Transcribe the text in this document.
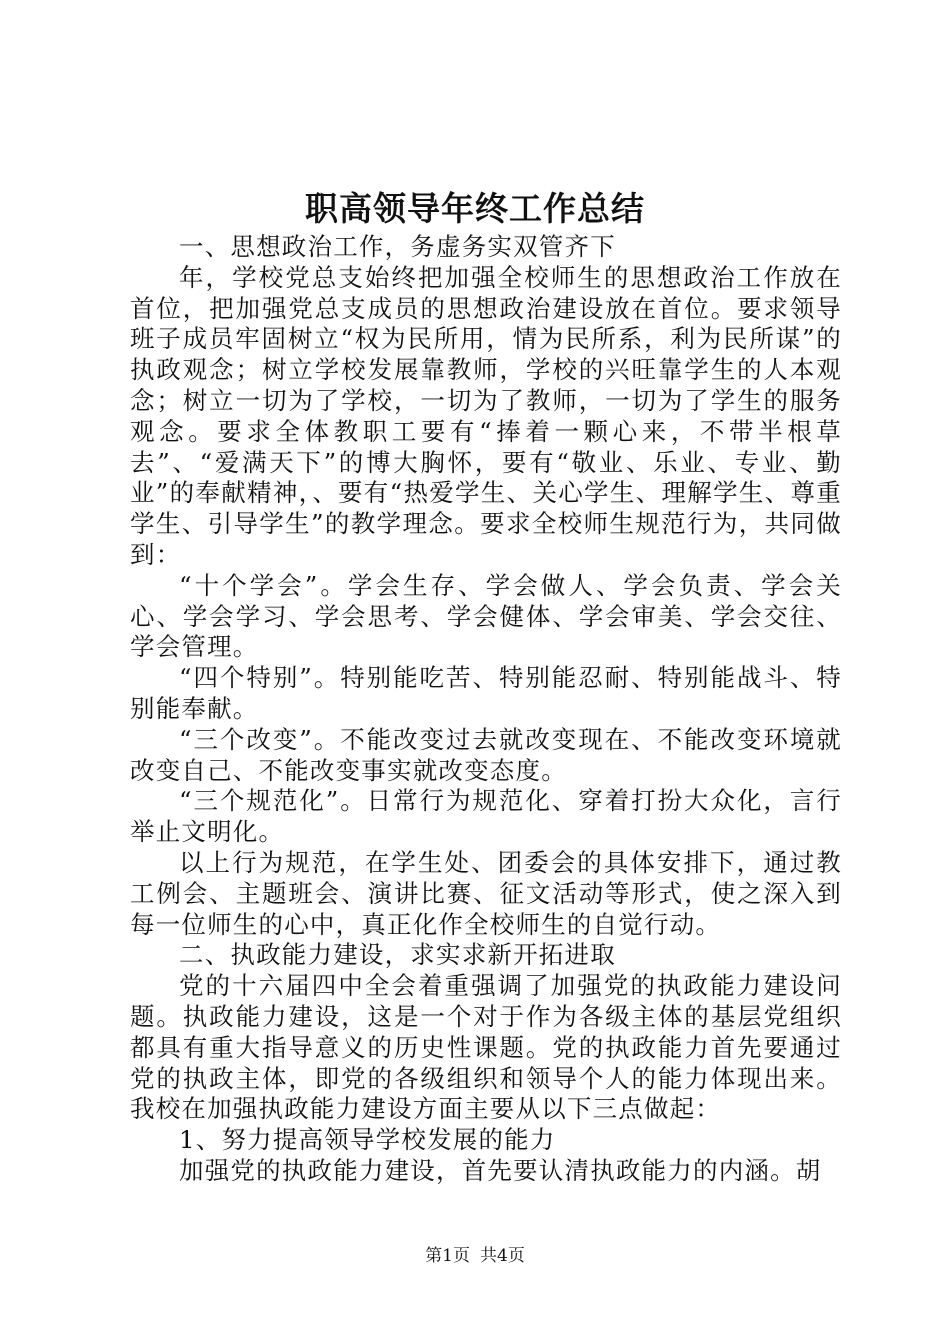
职高领导年终工作总结

一、思想政治工作，务虚务实双管齐下

年，学校党总支始终把加强全校师生的思想政治工作放在首位，把加强党总支成员的思想政治建设放在首位。要求领导班子成员牢固树立“权为民所用，情为民所系，利为民所谋”的执政观念；树立学校发展靠教师，学校的兴旺靠学生的人本观念；树立一切为了学校，一切为了教师，一切为了学生的服务观念。要求全体教职工要有“捧着一颗心来，不带半根草去”、“爱满天下”的博大胸怀，要有“敬业、乐业、专业、勤业”的奉献精神，、要有“热爱学生、关心学生、理解学生、尊重学生、引导学生”的教学理念。要求全校师生规范行为，共同做到：

“十个学会”。学会生存、学会做人、学会负责、学会关心、学会学习、学会思考、学会健体、学会审美、学会交往、学会管理。

“四个特别”。特别能吃苦、特别能忍耐、特别能战斗、特别能奉献。

“三个改变”。不能改变过去就改变现在、不能改变环境就改变自己、不能改变事实就改变态度。

“三个规范化”。日常行为规范化、穿着打扮大众化，言行举止文明化。

以上行为规范，在学生处、团委会的具体安排下，通过教工例会、主题班会、演讲比赛、征文活动等形式，使之深入到每一位师生的心中，真正化作全校师生的自觉行动。

二、执政能力建设，求实求新开拓进取

党的十六届四中全会着重强调了加强党的执政能力建设问题。执政能力建设，这是一个对于作为各级主体的基层党组织都具有重大指导意义的历史性课题。党的执政能力首先要通过党的执政主体，即党的各级组织和领导个人的能力体现出来。我校在加强执政能力建设方面主要从以下三点做起：

1、努力提高领导学校发展的能力

加强党的执政能力建设，首先要认清执政能力的内涵。胡

第1页 共4页
